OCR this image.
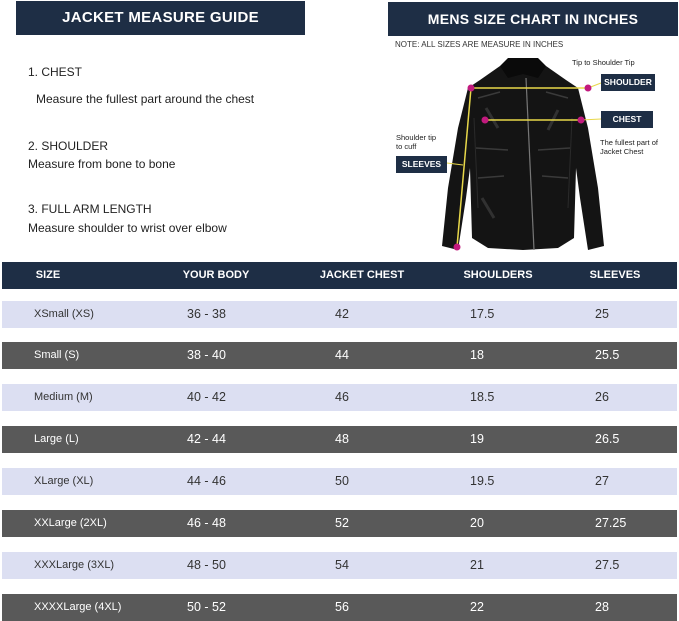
JACKET MEASURE GUIDE	MENS SIZE CHART IN INCHES
NOTE: ALL SIZES ARE MEASURE IN INCHES
1. CHEST
Measure the fullest part around the chest
2. SHOULDER
Measure from bone to bone
3. FULL ARM LENGTH
Measure shoulder to wrist over elbow
Tip to Shoulder Tip
SHOULDER
CHEST
The fullest part of
Jacket Chest
Shoulder tip
to cuff
SLEEVES
SIZE	YOUR BODY	JACKET CHEST	SHOULDERS	SLEEVES
XSmall (XS)	36 - 38	42	17.5	25
Small (S)	38 - 40	44	18	25.5
Medium (M)	40 - 42	46	18.5	26
Large (L)	42 - 44	48	19	26.5
XLarge (XL)	44 - 46	50	19.5	27
XXLarge (2XL)	46 - 48	52	20	27.25
XXXLarge (3XL)	48 - 50	54	21	27.5
XXXXLarge (4XL)	50 - 52	56	22	28
